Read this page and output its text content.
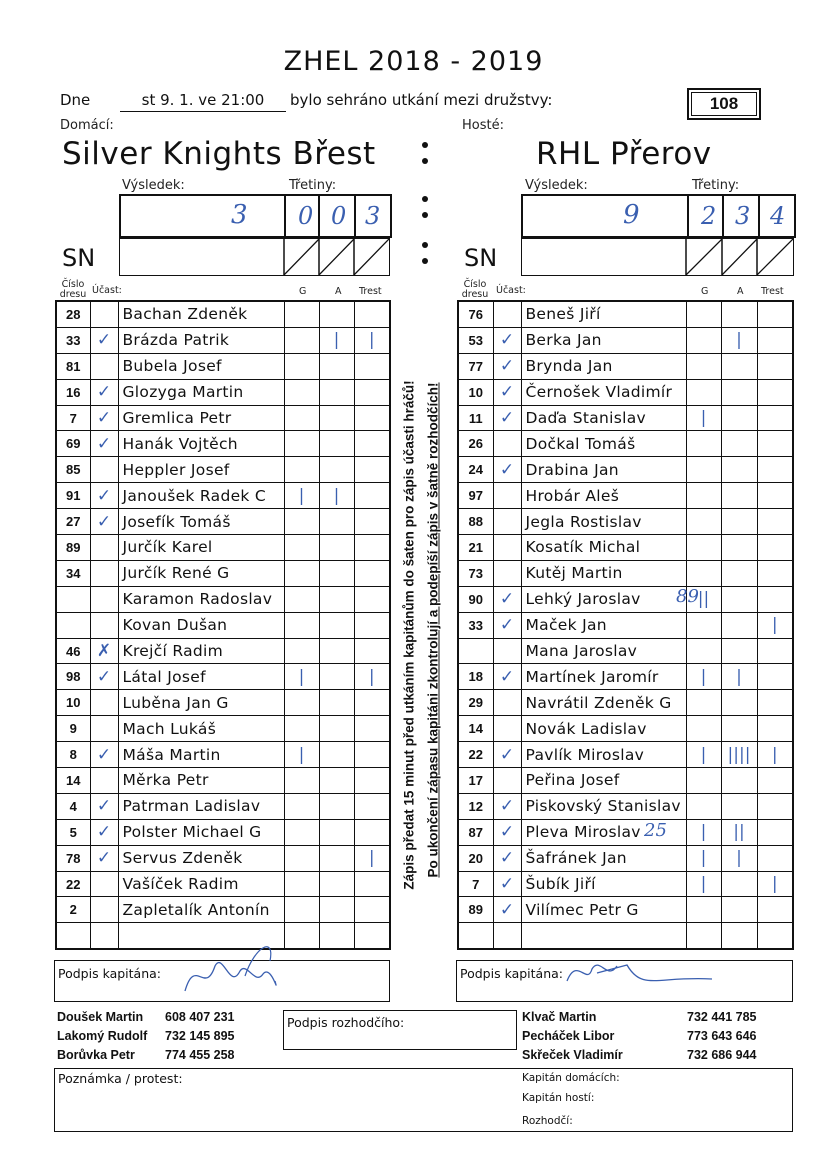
ZHEL 2018 - 2019
Dne	st 9. 1. ve 21:00	bylo sehráno utkání mezi družstvy:	108
Domácí:	Hosté:
Silver Knights Břest	RHL Přerov
Výsledek:	Třetiny:
3 0 0 3
Výsledek:	Třetiny:
9	2 3 4
SN	SN
Číslo dresu Účast:	G	A Trest
Číslo dresu Účast:	G	A Trest
28		Bachan Zdeněk			
33	✓	Brázda Patrik		|	|
81		Bubela Josef			
16	✓	Glozyga Martin			
7	✓	Gremlica Petr			
69	✓	Hanák Vojtěch			
85		Heppler Josef			
91	✓	Janoušek Radek C	|	|	
27	✓	Josefík Tomáš			
89		Jurčík Karel			
34		Jurčík René G			
		Karamon Radoslav			
		Kovan Dušan			
46	✗	Krejčí Radim			
98	✓	Látal Josef	|		|
10		Luběna Jan G			
9		Mach Lukáš			
8	✓	Máša Martin	|		
14		Měrka Petr			
4	✓	Patrman Ladislav			
5	✓	Polster Michael G			
78	✓	Servus Zdeněk			|
22		Vašíček Radim			
2		Zapletalík Antonín			

76		Beneš Jiří			
53	✓	Berka Jan		|	
77	✓	Brynda Jan			
10	✓	Černošek Vladimír			
11	✓	Daďa Stanislav	|		
26		Dočkal Tomáš			
24	✓	Drabina Jan			
97		Hrobár Aleš			
88		Jegla Rostislav			
21		Kosatík Michal			
73		Kutěj Martin			
90	✓	Lehký Jaroslav	||		
33	✓	Maček Jan			|
		Mana Jaroslav			
18	✓	Martínek Jaromír	|	|	
29		Navrátil Zdeněk G			
14		Novák Ladislav			
22	✓	Pavlík Miroslav	|	||||	|
17		Peřina Josef			
12	✓	Piskovský Stanislav			
87	✓	Pleva Miroslav	|	||	
20	✓	Šafránek Jan	|	|	
7	✓	Šubík Jiří	|		|
89	✓	Vilímec Petr G			

89
25
Zápis předat 15 minut před utkáním kapitánům do šaten pro zápis účasti hráčů! Po ukončení zápasu kapitáni zkontrolují a podepíší zápis v šatně rozhodčích!
Podpis kapitána:	Podpis kapitána:
Doušek Martin 608 407 231
Lakomý Rudolf 732 145 895
Borůvka Petr 774 455 258
Podpis rozhodčího:	Klvač Martin	732 441 785
Pecháček Libor	773 643 646
Skřeček Vladimír	732 686 944
Poznámka / protest:	Kapitán domácích:
Kapitán hostí:
Rozhodčí:
